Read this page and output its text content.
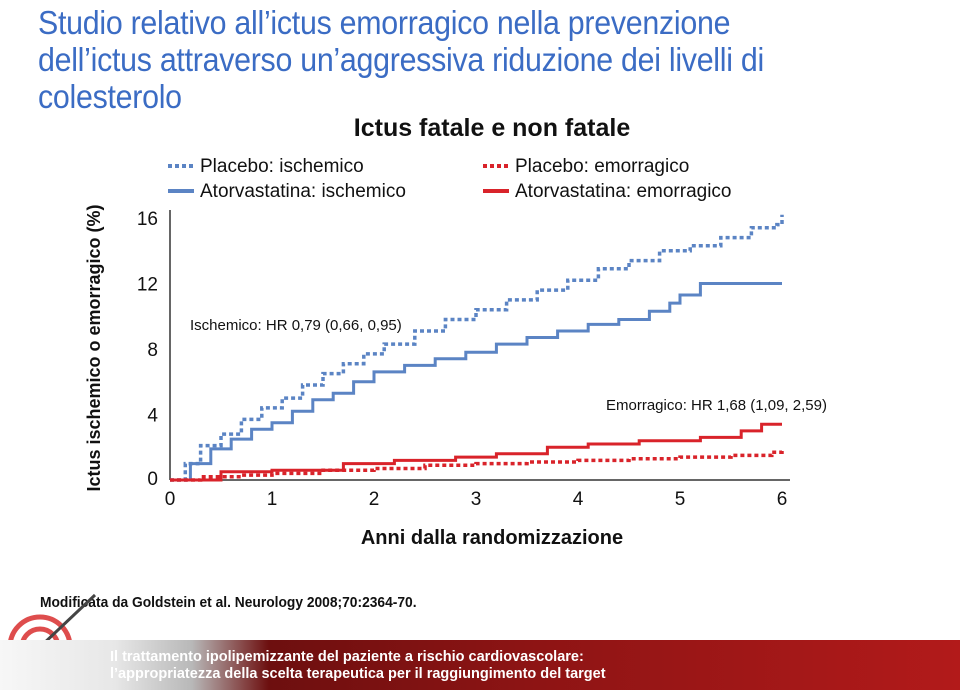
Studio relativo all’ictus emorragico nella prevenzione
dell’ictus attraverso un’aggressiva riduzione dei livelli di
colesterolo
Ictus fatale e non fatale
Ictus ischemico o emorragico (%)
Anni dalla randomizzazione
0
4
8
12
16
0	1	2	3	4	5	6
Placebo: ischemico
Atorvastatina: ischemico
Placebo: emorragico
Atorvastatina: emorragico
Ischemico: HR 0,79 (0,66, 0,95)
Emorragico: HR 1,68 (1,09, 2,59)
Modificata da Goldstein et al. Neurology 2008;70:2364-70.
Il trattamento ipolipemizzante del paziente a rischio cardiovascolare:
l’appropriatezza della scelta terapeutica per il raggiungimento del target
